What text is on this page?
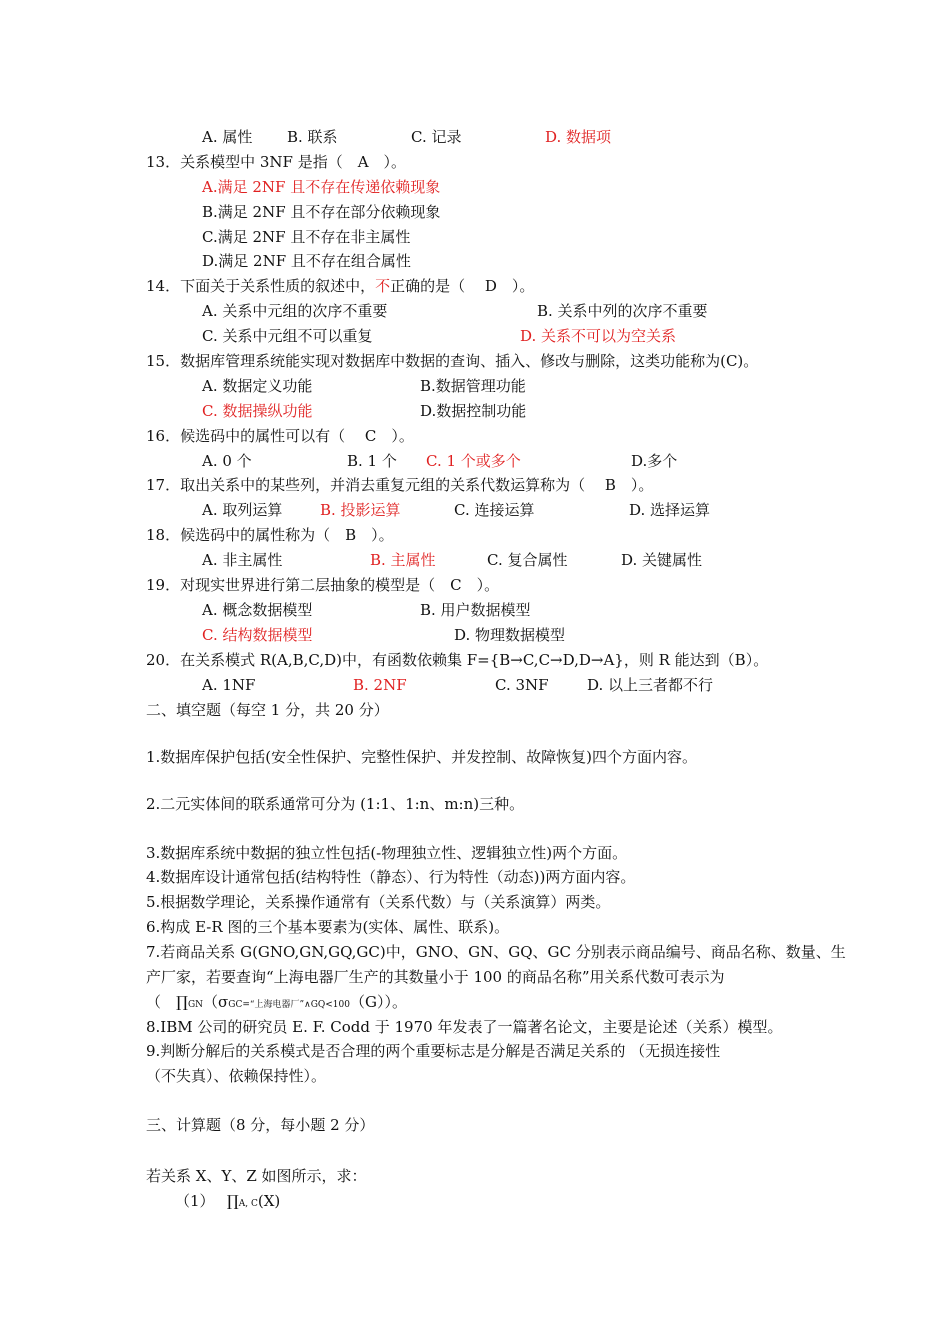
A. 属性 B. 联系	C. 记录	D. 数据项
13．关系模型中 3NF 是指（　A　）。
A.满足 2NF 且不存在传递依赖现象
B.满足 2NF 且不存在部分依赖现象
C.满足 2NF 且不存在非主属性
D.满足 2NF 且不存在组合属性
14．下面关于关系性质的叙述中，不正确的是（　 D　）。
A. 关系中元组的次序不重要	B. 关系中列的次序不重要
C. 关系中元组不可以重复	D. 关系不可以为空关系
15．数据库管理系统能实现对数据库中数据的查询、插入、修改与删除，这类功能称为(C)。
A. 数据定义功能	B.数据管理功能
C. 数据操纵功能	D.数据控制功能
16．候选码中的属性可以有（　 C　）。
A. 0 个	B. 1 个 C. 1 个或多个	D.多个
17．取出关系中的某些列，并消去重复元组的关系代数运算称为（　 B　）。
A. 取列运算	B. 投影运算	C. 连接运算	D. 选择运算
18．候选码中的属性称为（　B　）。
A. 非主属性	B. 主属性	C. 复合属性	D. 关键属性
19．对现实世界进行第二层抽象的模型是（　C　）。
A. 概念数据模型	B. 用户数据模型
C. 结构数据模型	D. 物理数据模型
20．在关系模式 R(A,B,C,D)中，有函数依赖集 F={B→C,C→D,D→A}，则 R 能达到（B）。
A. 1NF	B. 2NF	C. 3NF	D. 以上三者都不行
二、填空题（每空 1 分，共 20 分）
1.数据库保护包括(安全性保护、完整性保护、并发控制、故障恢复)四个方面内容。
2.二元实体间的联系通常可分为 (1:1、1:n、m:n)三种。
3.数据库系统中数据的独立性包括(-物理独立性、逻辑独立性)两个方面。
4.数据库设计通常包括(结构特性（静态）、行为特性（动态))两方面内容。
5.根据数学理论，关系操作通常有（关系代数）与（关系演算）两类。
6.构成 E-R 图的三个基本要素为(实体、属性、联系)。
7.若商品关系 G(GNO,GN,GQ,GC)中，GNO、GN、GQ、GC 分别表示商品编号、商品名称、数量、生
产厂家，若要查询“上海电器厂生产的其数量小于 100 的商品名称”用关系代数可表示为
（　∏GN（σGC=“上海电器厂”∧GQ<100（G））。
8.IBM 公司的研究员 E. F. Codd 于 1970 年发表了一篇著名论文，主要是论述（关系）模型。
9.判断分解后的关系模式是否合理的两个重要标志是分解是否满足关系的 （无损连接性
（不失真）、依赖保持性）。
三、计算题（8 分，每小题 2 分）
若关系 X、Y、Z 如图所示，求：
（1）　 ∏A, C(X)
